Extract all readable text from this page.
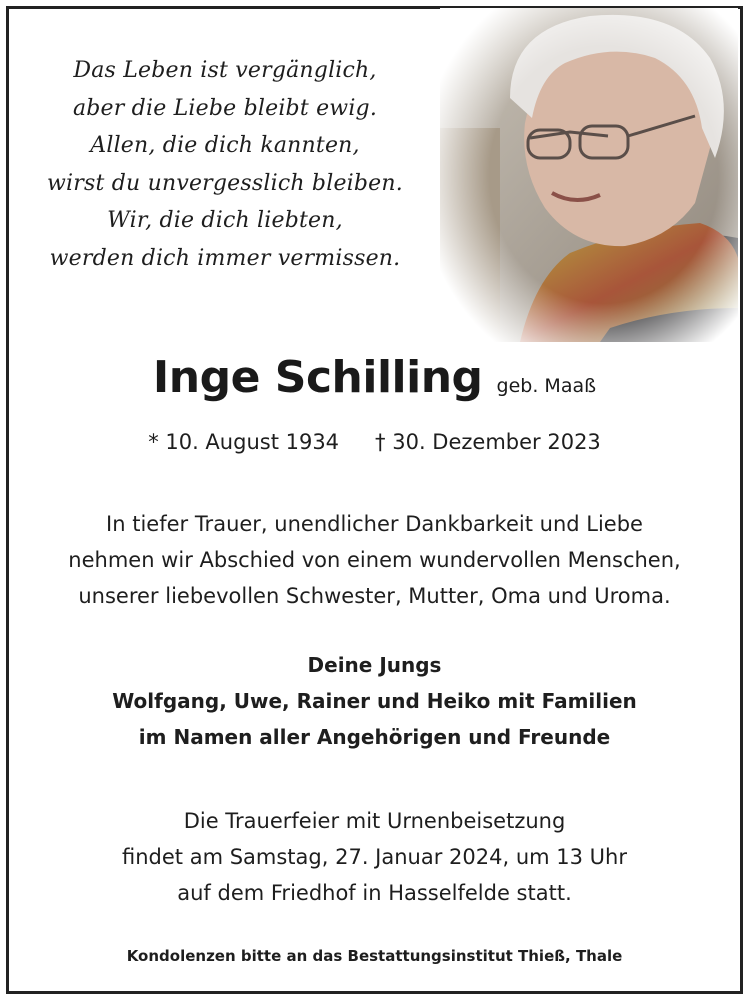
Das Leben ist vergänglich,
aber die Liebe bleibt ewig.
Allen, die dich kannten,
wirst du unvergesslich bleiben.
Wir, die dich liebten,
werden dich immer vermissen.
Inge Schilling geb. Maaß
* 10. August 1934 † 30. Dezember 2023
In tiefer Trauer, unendlicher Dankbarkeit und Liebe
nehmen wir Abschied von einem wundervollen Menschen,
unserer liebevollen Schwester, Mutter, Oma und Uroma.
Deine Jungs
Wolfgang, Uwe, Rainer und Heiko mit Familien
im Namen aller Angehörigen und Freunde
Die Trauerfeier mit Urnenbeisetzung
findet am Samstag, 27. Januar 2024, um 13 Uhr
auf dem Friedhof in Hasselfelde statt.
Kondolenzen bitte an das Bestattungsinstitut Thieß, Thale
